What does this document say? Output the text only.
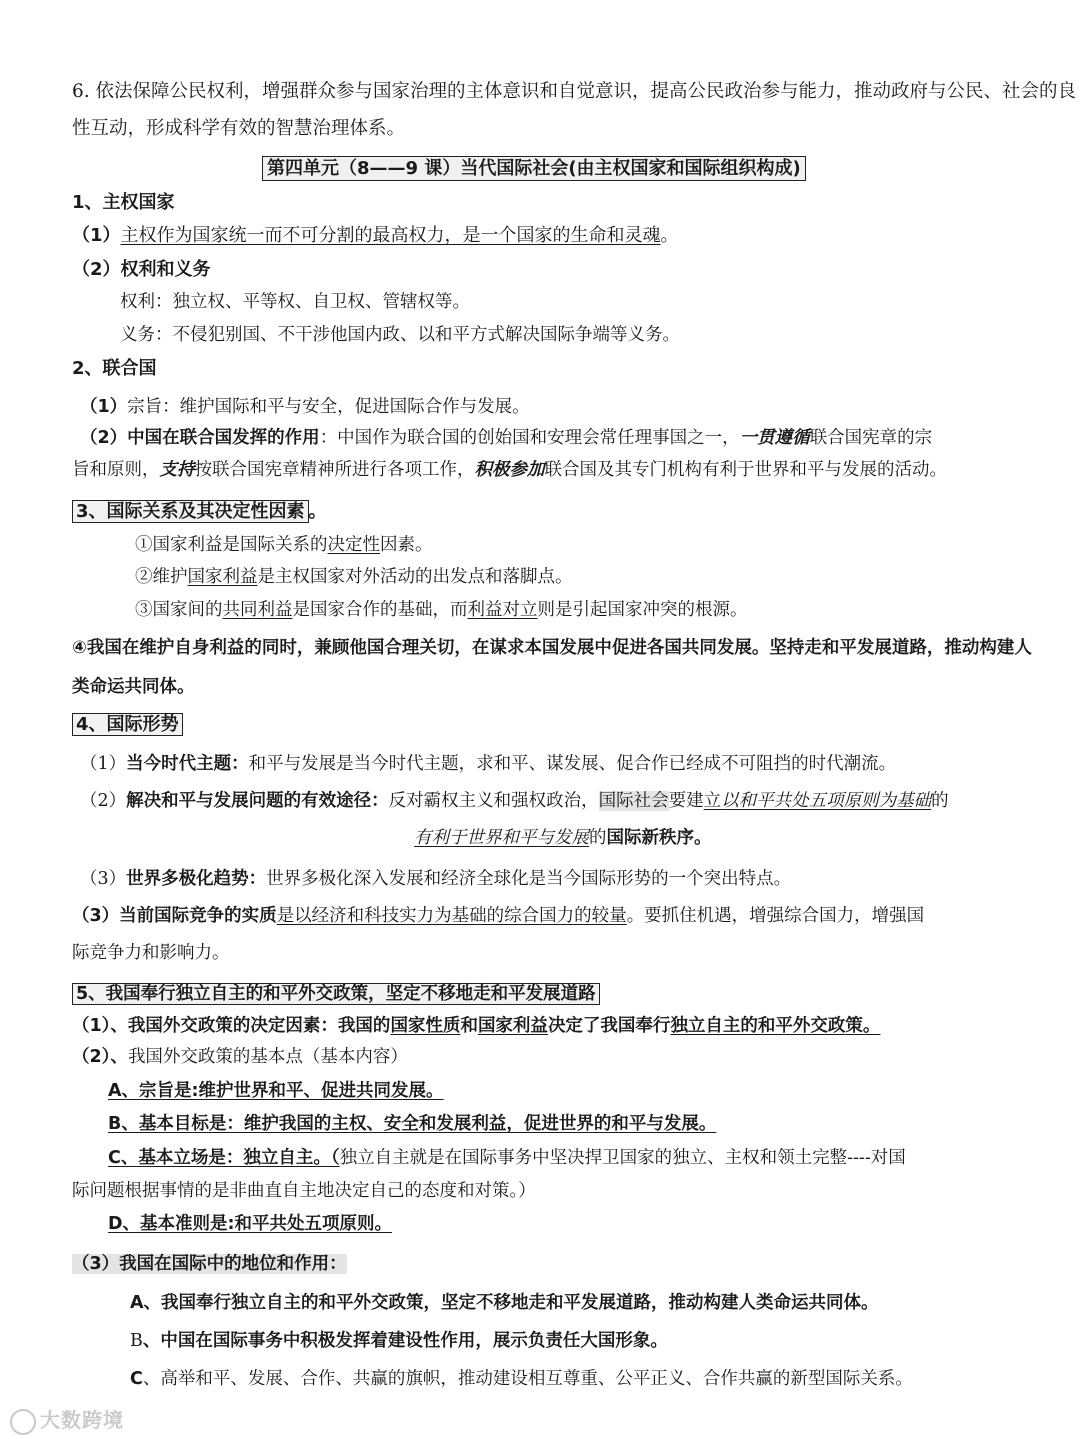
6. 依法保障公民权利，增强群众参与国家治理的主体意识和自觉意识，提高公民政治参与能力，推动政府与公民、社会的良
性互动，形成科学有效的智慧治理体系。
第四单元（8——9 课）当代国际社会(由主权国家和国际组织构成)
1、主权国家
（1）主权作为国家统一而不可分割的最高权力，是一个国家的生命和灵魂。
（2）权利和义务
权利：独立权、平等权、自卫权、管辖权等。
义务：不侵犯别国、不干涉他国内政、以和平方式解决国际争端等义务。
2、联合国
（1）宗旨：维护国际和平与安全，促进国际合作与发展。
（2）中国在联合国发挥的作用：中国作为联合国的创始国和安理会常任理事国之一，一贯遵循联合国宪章的宗
旨和原则，支持按联合国宪章精神所进行各项工作，积极参加联合国及其专门机构有利于世界和平与发展的活动。
3、国际关系及其决定性因素 。
①国家利益是国际关系的决定性因素。
②维护国家利益是主权国家对外活动的出发点和落脚点。
③国家间的共同利益是国家合作的基础，而利益对立则是引起国家冲突的根源。
④我国在维护自身利益的同时，兼顾他国合理关切，在谋求本国发展中促进各国共同发展。坚持走和平发展道路，推动构建人
类命运共同体。
4、国际形势
（1）当今时代主题：和平与发展是当今时代主题，求和平、谋发展、促合作已经成不可阻挡的时代潮流。
（2）解决和平与发展问题的有效途径：反对霸权主义和强权政治，国际社会要建立以和平共处五项原则为基础的
有利于世界和平与发展的国际新秩序。
（3）世界多极化趋势：世界多极化深入发展和经济全球化是当今国际形势的一个突出特点。
（3）当前国际竞争的实质是以经济和科技实力为基础的综合国力的较量。要抓住机遇，增强综合国力，增强国
际竞争力和影响力。
5、我国奉行独立自主的和平外交政策，坚定不移地走和平发展道路
（1）、我国外交政策的决定因素：我国的国家性质和国家利益决定了我国奉行独立自主的和平外交政策。
（2）、我国外交政策的基本点（基本内容）
A、宗旨是:维护世界和平、促进共同发展。
B、基本目标是：维护我国的主权、安全和发展利益，促进世界的和平与发展。
C、基本立场是：独立自主。（独立自主就是在国际事务中坚决捍卫国家的独立、主权和领土完整----对国
际问题根据事情的是非曲直自主地决定自己的态度和对策。）
D、基本准则是:和平共处五项原则。
（3）我国在国际中的地位和作用：
A、我国奉行独立自主的和平外交政策，坚定不移地走和平发展道路，推动构建人类命运共同体。
B、中国在国际事务中积极发挥着建设性作用，展示负责任大国形象。
C、高举和平、发展、合作、共赢的旗帜，推动建设相互尊重、公平正义、合作共赢的新型国际关系。
大数跨境
